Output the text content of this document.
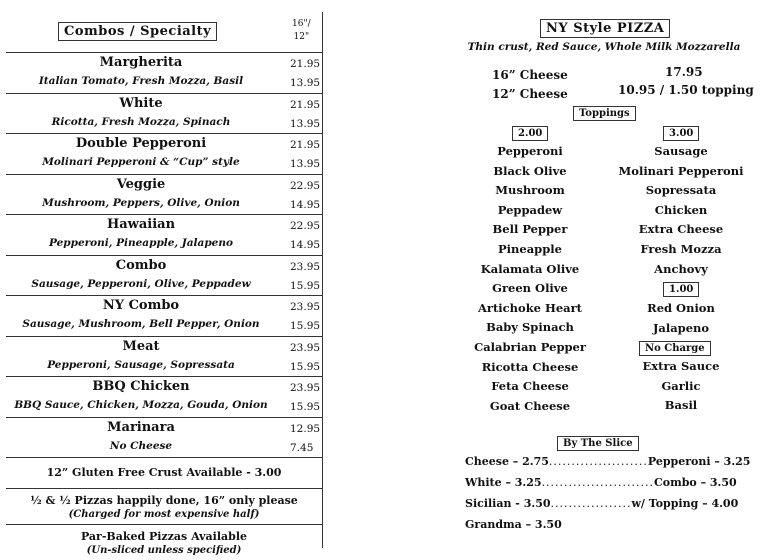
Combos / Specialty	16"/
12"
Margherita
Italian Tomato, Fresh Mozza, Basil
21.95
13.95
White
Ricotta, Fresh Mozza, Spinach
21.95
13.95
Double Pepperoni
Molinari Pepperoni & “Cup” style
21.95
13.95
Veggie
Mushroom, Peppers, Olive, Onion
22.95
14.95
Hawaiian
Pepperoni, Pineapple, Jalapeno
22.95
14.95
Combo
Sausage, Pepperoni, Olive, Peppadew
23.95
15.95
NY Combo
Sausage, Mushroom, Bell Pepper, Onion
23.95
15.95
Meat
Pepperoni, Sausage, Sopressata
23.95
15.95
BBQ Chicken
BBQ Sauce, Chicken, Mozza, Gouda, Onion
23.95
15.95
Marinara
No Cheese
12.95
7.45
12” Gluten Free Crust Available - 3.00
½ & ½ Pizzas happily done, 16” only please
(Charged for most expensive half)
Par-Baked Pizzas Available
(Un-sliced unless specified)
NY Style PIZZA
Thin crust, Red Sauce, Whole Milk Mozzarella
16” Cheese
12” Cheese
17.95
10.95 / 1.50 topping
Toppings
2.00	3.00
1.00
No Charge
Pepperoni
Black Olive
Mushroom
Peppadew
Bell Pepper
Pineapple
Kalamata Olive
Green Olive
Artichoke Heart
Baby Spinach
Calabrian Pepper
Ricotta Cheese
Feta Cheese
Goat Cheese
Sausage
Molinari Pepperoni
Sopressata
Chicken
Extra Cheese
Fresh Mozza
Anchovy
Red Onion
Jalapeno
Extra Sauce
Garlic
Basil
By The Slice
Cheese – 2.75......................Pepperoni – 3.25
White – 3.25.........................Combo – 3.50
Sicilian - 3.50..................w/ Topping – 4.00
Grandma – 3.50
